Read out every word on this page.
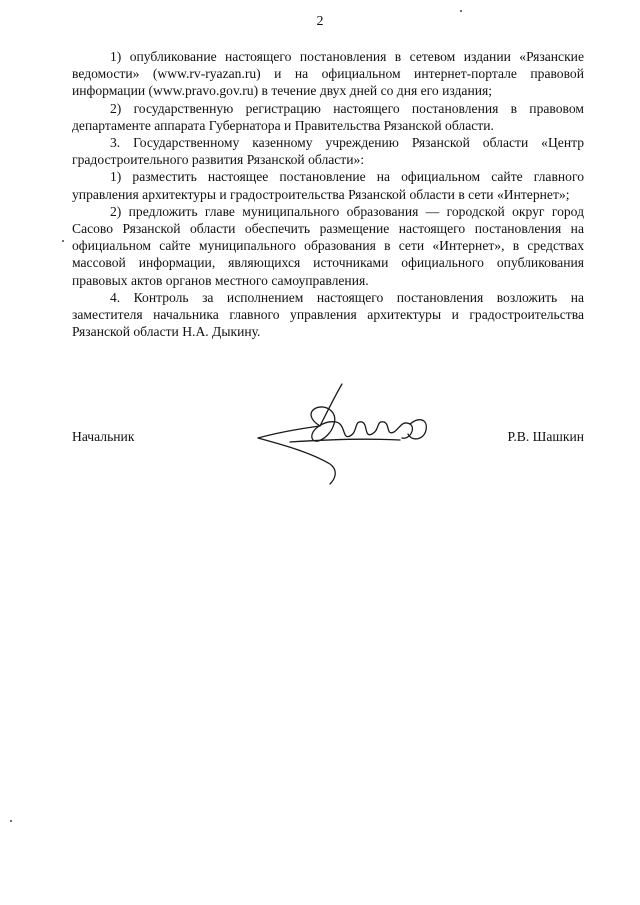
2

1) опубликование настоящего постановления в сетевом издании «Рязанские ведомости» (www.rv-ryazan.ru) и на официальном интернет-портале правовой информации (www.pravo.gov.ru) в течение двух дней со дня его издания;

2) государственную регистрацию настоящего постановления в правовом департаменте аппарата Губернатора и Правительства Рязанской области.

3. Государственному казенному учреждению Рязанской области «Центр градостроительного развития Рязанской области»:

1) разместить настоящее постановление на официальном сайте главного управления архитектуры и градостроительства Рязанской области в сети «Интернет»;

2) предложить главе муниципального образования — городской округ город Сасово Рязанской области обеспечить размещение настоящего постановления на официальном сайте муниципального образования в сети «Интернет», в средствах массовой информации, являющихся источниками официального опубликования правовых актов органов местного самоуправления.

4. Контроль за исполнением настоящего постановления возложить на заместителя начальника главного управления архитектуры и градостроительства Рязанской области Н.А. Дыкину.

Начальник	Р.В. Шашкин
